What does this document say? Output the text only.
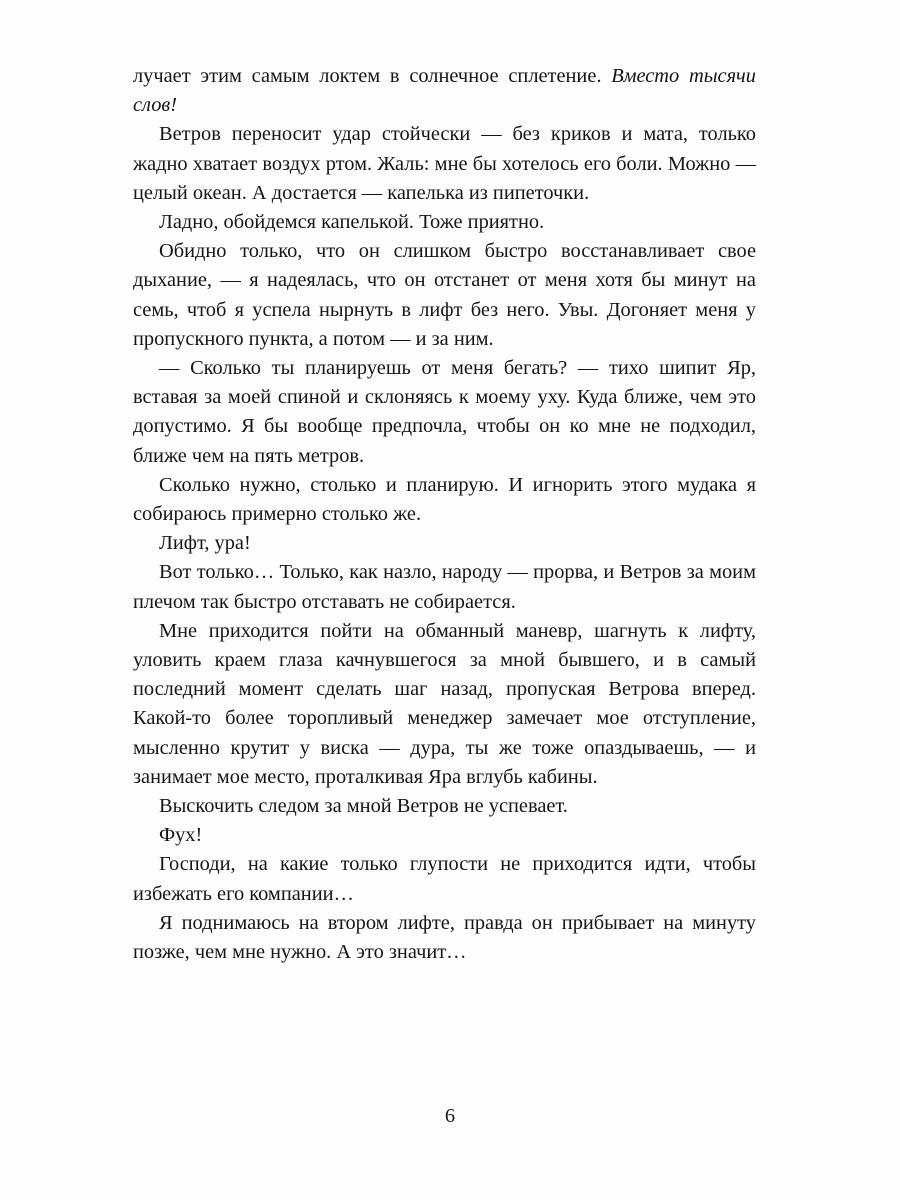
лучает этим самым локтем в солнечное сплетение. Вместо тысячи слов!

Ветров переносит удар стойчески — без криков и мата, только жадно хватает воздух ртом. Жаль: мне бы хотелось его боли. Можно — целый океан. А достается — капелька из пипеточки.

Ладно, обойдемся капелькой. Тоже приятно.

Обидно только, что он слишком быстро восстанавливает свое дыхание, — я надеялась, что он отстанет от меня хотя бы минут на семь, чтоб я успела нырнуть в лифт без него. Увы. Догоняет меня у пропускного пункта, а потом — и за ним.

— Сколько ты планируешь от меня бегать? — тихо шипит Яр, вставая за моей спиной и склоняясь к моему уху. Куда ближе, чем это допустимо. Я бы вообще предпочла, чтобы он ко мне не подходил, ближе чем на пять метров.

Сколько нужно, столько и планирую. И игнорить этого мудака я собираюсь примерно столько же.

Лифт, ура!

Вот только… Только, как назло, народу — прорва, и Ветров за моим плечом так быстро отставать не собирается.

Мне приходится пойти на обманный маневр, шагнуть к лифту, уловить краем глаза качнувшегося за мной бывшего, и в самый последний момент сделать шаг назад, пропуская Ветрова вперед. Какой-то более торопливый менеджер замечает мое отступление, мысленно крутит у виска — дура, ты же тоже опаздываешь, — и занимает мое место, проталкивая Яра вглубь кабины.

Выскочить следом за мной Ветров не успевает.

Фух!

Господи, на какие только глупости не приходится идти, чтобы избежать его компании…

Я поднимаюсь на втором лифте, правда он прибывает на минуту позже, чем мне нужно. А это значит…

6
